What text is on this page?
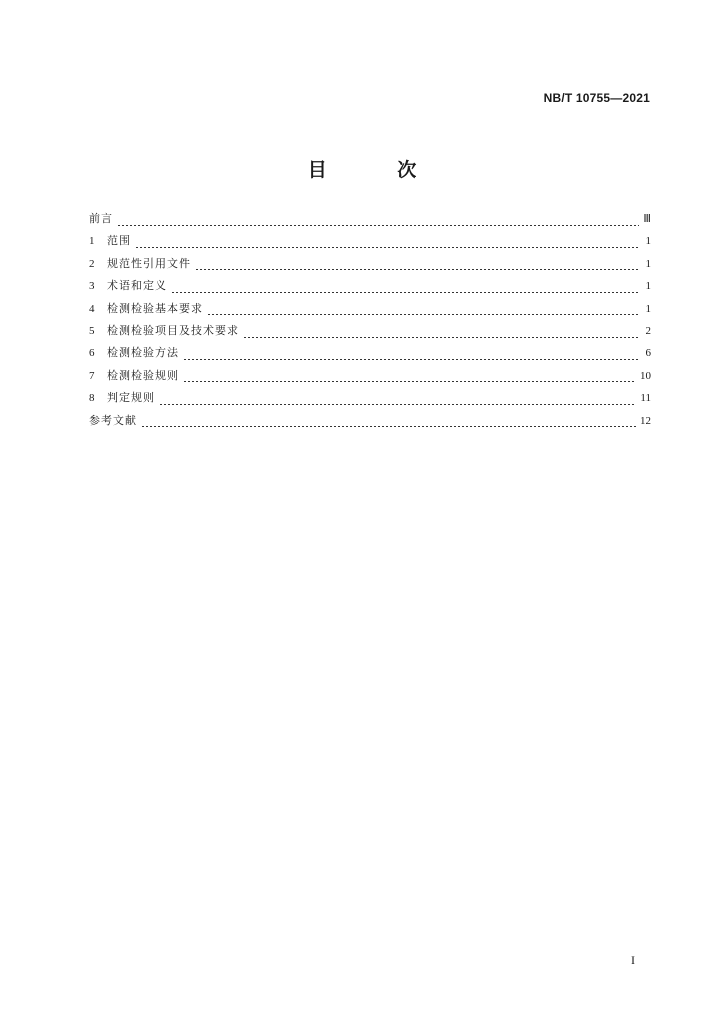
NB/T 10755—2021
目 次
前言	Ⅲ
1	范围	1
2	规范性引用文件	1
3	术语和定义	1
4	检测检验基本要求	1
5	检测检验项目及技术要求	2
6	检测检验方法	6
7	检测检验规则	10
8	判定规则	11
参考文献	12
I
